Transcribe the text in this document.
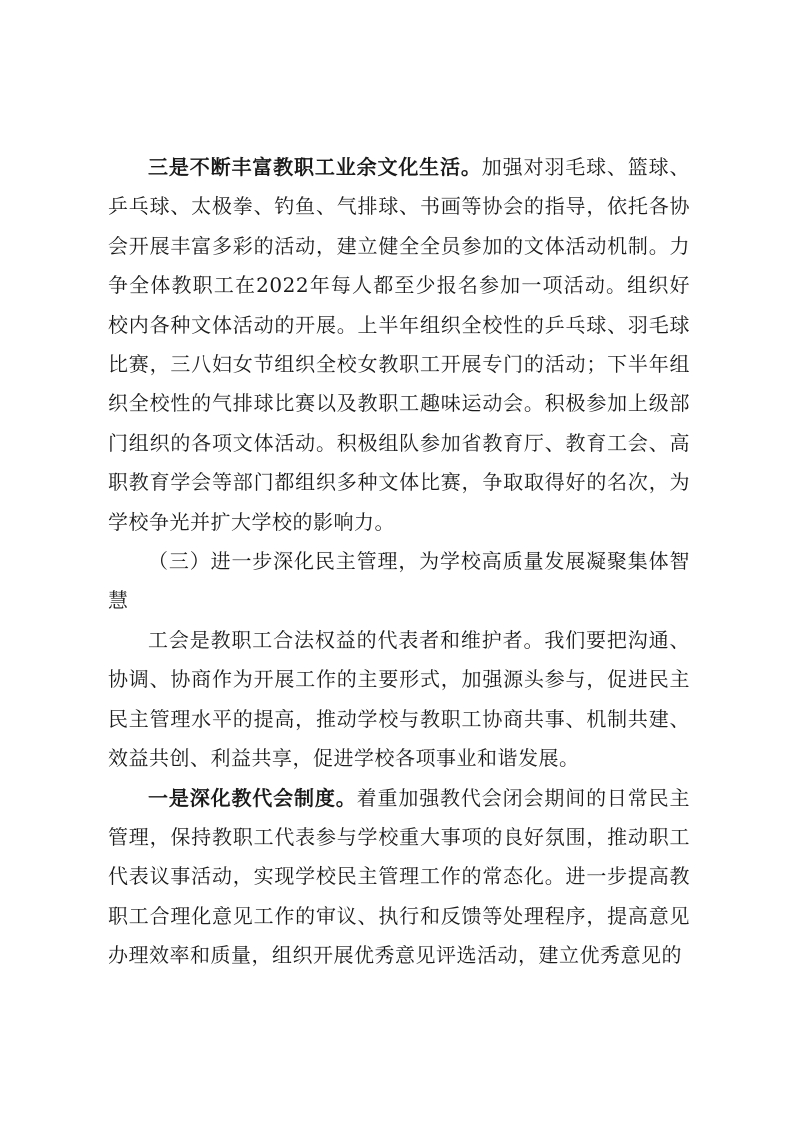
三是不断丰富教职工业余文化生活。加强对羽毛球、篮球、乒乓球、太极拳、钓鱼、气排球、书画等协会的指导，依托各协会开展丰富多彩的活动，建立健全全员参加的文体活动机制。力争全体教职工在2022年每人都至少报名参加一项活动。组织好校内各种文体活动的开展。上半年组织全校性的乒乓球、羽毛球比赛，三八妇女节组织全校女教职工开展专门的活动；下半年组织全校性的气排球比赛以及教职工趣味运动会。积极参加上级部门组织的各项文体活动。积极组队参加省教育厅、教育工会、高职教育学会等部门都组织多种文体比赛，争取取得好的名次，为学校争光并扩大学校的影响力。

（三）进一步深化民主管理，为学校高质量发展凝聚集体智慧

工会是教职工合法权益的代表者和维护者。我们要把沟通、协调、协商作为开展工作的主要形式，加强源头参与，促进民主民主管理水平的提高，推动学校与教职工协商共事、机制共建、效益共创、利益共享，促进学校各项事业和谐发展。

一是深化教代会制度。着重加强教代会闭会期间的日常民主管理，保持教职工代表参与学校重大事项的良好氛围，推动职工代表议事活动，实现学校民主管理工作的常态化。进一步提高教职工合理化意见工作的审议、执行和反馈等处理程序，提高意见办理效率和质量，组织开展优秀意见评选活动，建立优秀意见的
